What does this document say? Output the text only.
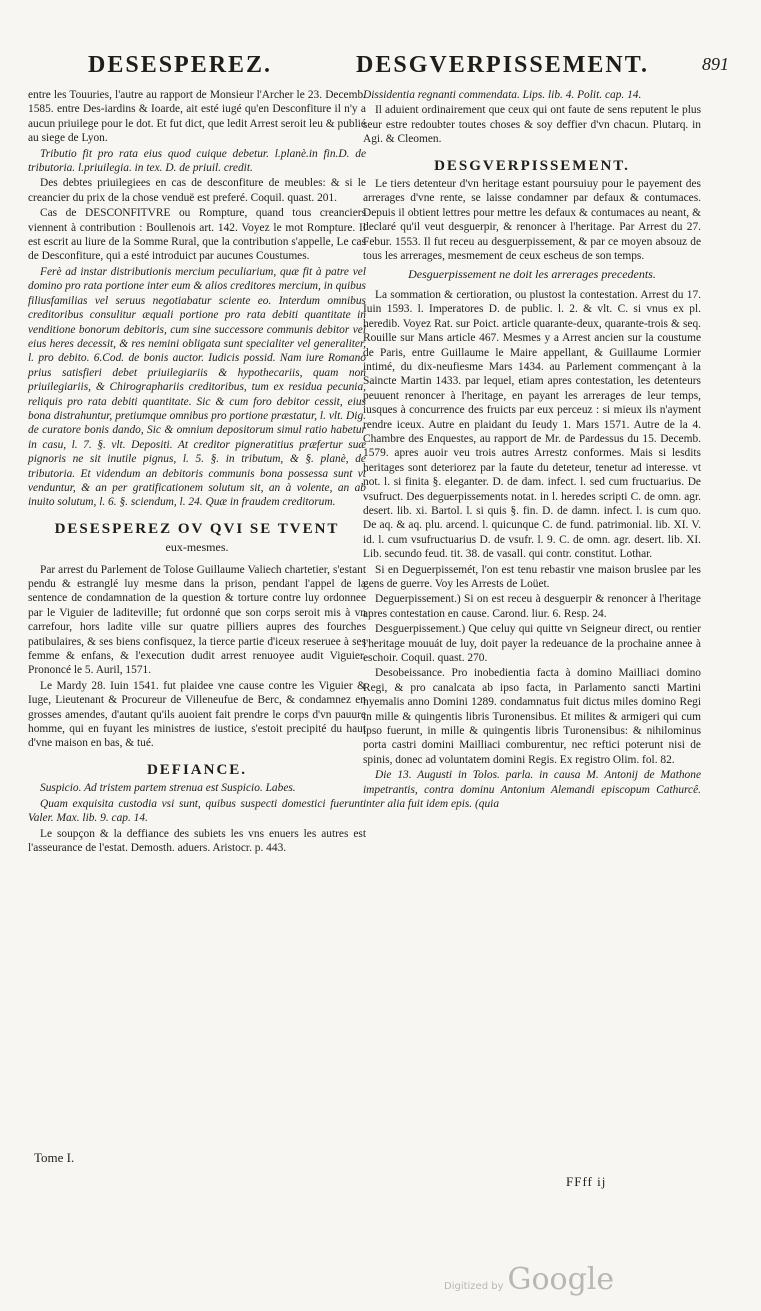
DESESPEREZ.	DESGVERPISSEMENT.	891

entre les Touuries, l'autre au rapport de Monsieur l'Archer le 23. Decemb. 1585. entre Des-iardins & Ioarde, ait esté iugé qu'en Desconfiture il n'y a aucun priuilege pour le dot. Et fut dict, que ledit Arrest seroit leu & publié au siege de Lyon.

Tributio fit pro rata eius quod cuique debetur. l.planè.in fin.D. de tributoria. l.priuilegia. in tex. D. de priuil. credit.

Des debtes priuilegiees en cas de desconfiture de meubles: & si le creancier du prix de la chose venduë est preferé. Coquil. quast. 201.

Cas de DESCONFITVRE ou Rompture, quand tous creanciers viennent à contribution : Boullenois art. 142. Voyez le mot Rompture. Il est escrit au liure de la Somme Rural, que la contribution s'appelle, Le cas de Desconfiture, qui a esté introduict par aucunes Coustumes.

Ferè ad instar distributionis mercium peculiarium, quæ fit à patre vel domino pro rata portione inter eum & alios creditores mercium, in quibus filiusfamilias vel seruus negotiabatur sciente eo. Interdum omnibus creditoribus consulitur æquali portione pro rata debiti quantitate in venditione bonorum debitoris, cum sine successore communis debitor vel eius heres decessit, & res nemini obligata sunt specialiter vel generaliter, l. pro debito. 6.Cod. de bonis auctor. Iudicis possid. Nam iure Romano prius satisfieri debet priuilegiariis & hypothecariis, quam non priuilegiariis, & Chirographariis creditoribus, tum ex residua pecunia, reliquis pro rata debiti quantitate. Sic & cum foro debitor cessit, eius bona distrahuntur, pretiumque omnibus pro portione præstatur, l. vlt. Dig. de curatore bonis dando, Sic & omnium depositorum simul ratio habetur in casu, l. 7. §. vlt. Depositi. At creditor pigneratitius præfertur suæ pignoris ne sit inutile pignus, l. 5. §. in tributum, & §. planè, de tributoria. Et videndum an debitoris communis bona possessa sunt vt venduntur, & an per gratificationem solutum sit, an à volente, an ab inuito solutum, l. 6. §. sciendum, l. 24. Quæ in fraudem creditorum.

DESESPEREZ OV QVI SE TVENT
eux-mesmes.

Par arrest du Parlement de Tolose Guillaume Valiech chartetier, s'estant pendu & estranglé luy mesme dans la prison, pendant l'appel de la sentence de condamnation de la question & torture contre luy ordonnee par le Viguier de laditeville; fut ordonné que son corps seroit mis à vn carrefour, hors ladite ville sur quatre pilliers aupres des fourches patibulaires, & ses biens confisquez, la tierce partie d'iceux reseruee à ses femme & enfans, & l'execution dudit arrest renuoyee audit Viguier. Prononcé le 5. Auril, 1571.

Le Mardy 28. Iuin 1541. fut plaidee vne cause contre les Viguier & Iuge, Lieutenant & Procureur de Villeneufue de Berc, & condamnez en grosses amendes, d'autant qu'ils auoient fait prendre le corps d'vn pauure homme, qui en fuyant les ministres de iustice, s'estoit precipité du haut d'vne maison en bas, & tué.

DEFIANCE.

Suspicio. Ad tristem partem strenua est Suspicio. Labes.

Quam exquisita custodia vsi sunt, quibus suspecti domestici fuerunt. Valer. Max. lib. 9. cap. 14.

Le soupçon & la deffiance des subiets les vns enuers les autres est l'asseurance de l'estat. Demosth. aduers. Aristocr. p. 443.

Dissidentia regnanti commendata. Lips. lib. 4. Polit. cap. 14.

Il aduient ordinairement que ceux qui ont faute de sens reputent le plus seur estre redoubter toutes choses & soy deffier d'vn chacun. Plutarq. in Agi. & Cleomen.

DESGVERPISSEMENT.

Le tiers detenteur d'vn heritage estant poursuiuy pour le payement des arrerages d'vne rente, se laisse condamner par defaux & contumaces. Depuis il obtient lettres pour mettre les defaux & contumaces au neant, & declaré qu'il veut desguerpir, & renoncer à l'heritage. Par Arrest du 27. Febur. 1553. Il fut receu au desguerpissement, & par ce moyen absouz de tous les arrerages, mesmement de ceux escheus de son temps.

Desguerpissement ne doit les arrerages precedents.

La sommation & certioration, ou plustost la contestation. Arrest du 17. Iuin 1593. l. Imperatores D. de public. l. 2. & vlt. C. si vnus ex pl. heredib. Voyez Rat. sur Poict. article quarante-deux, quarante-trois & seq. Rouille sur Mans article 467. Mesmes y a Arrest ancien sur la coustume de Paris, entre Guillaume le Maire appellant, & Guillaume Lormier intimé, du dix-neufiesme Mars 1434. au Parlement commençant à la Saincte Martin 1433. par lequel, etiam apres contestation, les detenteurs peuuent renoncer à l'heritage, en payant les arrerages de leur temps, iusques à concurrence des fruicts par eux perceuz : si mieux ils n'ayment rendre iceux. Autre en plaidant du Ieudy 1. Mars 1571. Autre de la 4. Chambre des Enquestes, au rapport de Mr. de Pardessus du 15. Decemb. 1579. apres auoir veu trois autres Arrestz conformes. Mais si lesdits heritages sont deteriorez par la faute du deteteur, tenetur ad interesse. vt not. l. si finita §. eleganter. D. de dam. infect. l. sed cum fructuarius. De vsufruct. Des deguerpissements notat. in l. heredes scripti C. de omn. agr. desert. lib. xi. Bartol. l. si quis §. fin. D. de damn. infect. l. is cum quo. De aq. & aq. plu. arcend. l. quicunque C. de fund. patrimonial. lib. XI. V. id. l. cum vsufructuarius D. de vsufr. l. 9. C. de omn. agr. desert. lib. XI. Lib. secundo feud. tit. 38. de vasall. qui contr. constitut. Lothar.

Si en Deguerpissemét, l'on est tenu rebastir vne maison bruslee par les gens de guerre. Voy les Arrests de Loüet.

Deguerpissement.) Si on est receu à desguerpir & renoncer à l'heritage apres contestation en cause. Carond. liur. 6. Resp. 24.

Desguerpissement.) Que celuy qui quitte vn Seigneur direct, ou rentier l'heritage mouuát de luy, doit payer la redeuance de la prochaine annee à eschoir. Coquil. quast. 270.

Desobeissance. Pro inobedientia facta à domino Mailliaci domino Regi, & pro canalcata ab ipso facta, in Parlamento sancti Martini hyemalis anno Domini 1289. condamnatus fuit dictus miles domino Regi in mille & quingentis libris Turonensibus. Et milites & armigeri qui cum ipso fuerunt, in mille & quingentis libris Turonensibus: & nihilominus porta castri domini Mailliaci comburentur, nec reftici poterunt nisi de spinis, donec ad voluntatem domini Regis. Ex registro Olim. fol. 82.

Die 13. Augusti in Tolos. parla. in causa M. Antonij de Mathone impetrantis, contra dominu Antonium Alemandi episcopum Cathurcê. inter alia fuit idem epis. (quia

Tome I.
FFff ij
Digitized by Google
